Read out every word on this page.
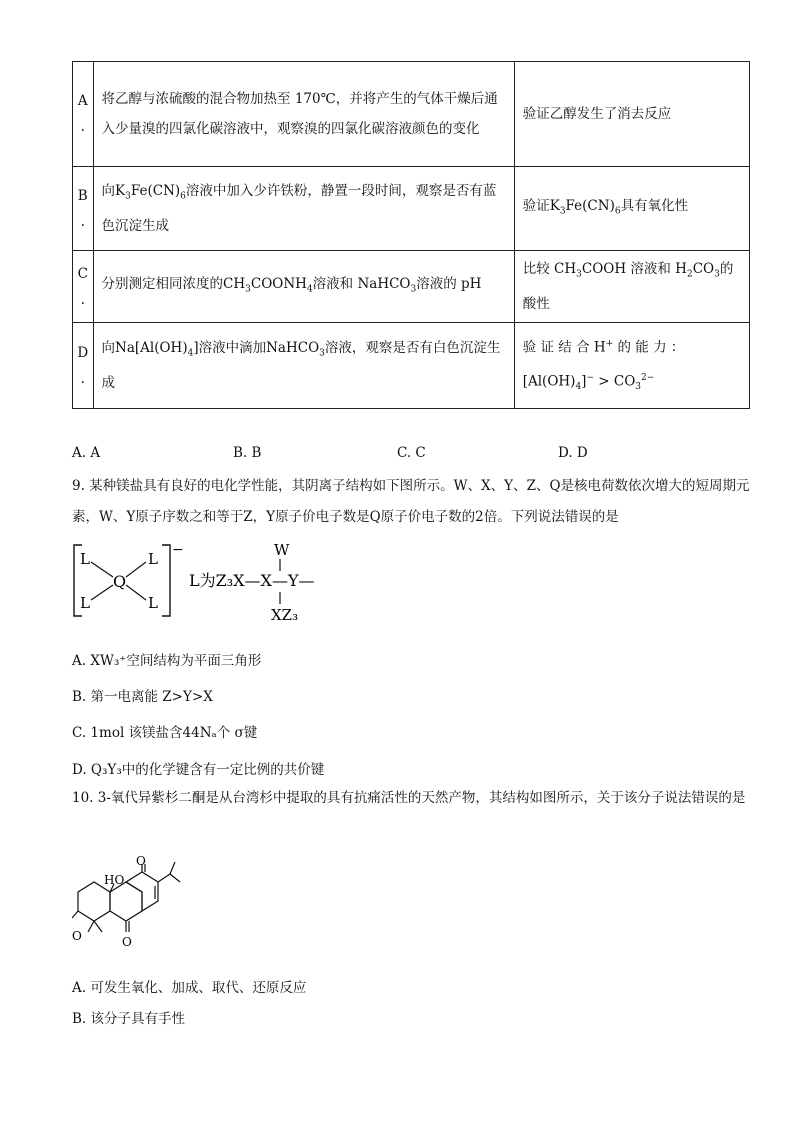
A
.	将乙醇与浓硫酸的混合物加热至 170℃，并将产生的气体干燥后通入少量溴的四氯化碳溶液中，观察溴的四氯化碳溶液颜色的变化	验证乙醇发生了消去反应
B
.	向$K_3Fe(CN)_6$溶液中加入少许铁粉，静置一段时间，观察是否有蓝色沉淀生成	验证$K_3Fe(CN)_6$具有氧化性
C
.	分别测定相同浓度的$CH_3COONH_4$溶液和 NaHCO$_3$溶液的 pH	比较 $CH_3COOH$ 溶液和 $H_2CO_3$的酸性
D
.	向$Na[Al(OH)_4]$溶液中滴加NaHCO$_3$溶液，观察是否有白色沉淀生成	验 证 结 合 H+ 的 能 力 ：
$[Al(OH)_4]^- > CO_3^{2-}$
A. A	B. B	C. C	D. D
9. 某种镁盐具有良好的电化学性能，其阴离子结构如下图所示。W、X、Y、Z、Q是核电荷数依次增大的短周期元素，W、Y原子序数之和等于Z，Y原子价电子数是Q原子价电子数的2倍。下列说法错误的是
−
L	L
L	L
Q	L为Z₃X—X—Y—
W
XZ₃
A. XW₃⁺空间结构为平面三角形
B. 第一电离能 Z>Y>X
C. 1mol 该镁盐含44Nₐ个 σ键
D. Q₃Y₃中的化学键含有一定比例的共价键
10. 3-氧代异紫杉二酮是从台湾杉中提取的具有抗痛活性的天然产物，其结构如图所示，关于该分子说法错误的是
O
HO
O
O
A. 可发生氧化、加成、取代、还原反应
B. 该分子具有手性
